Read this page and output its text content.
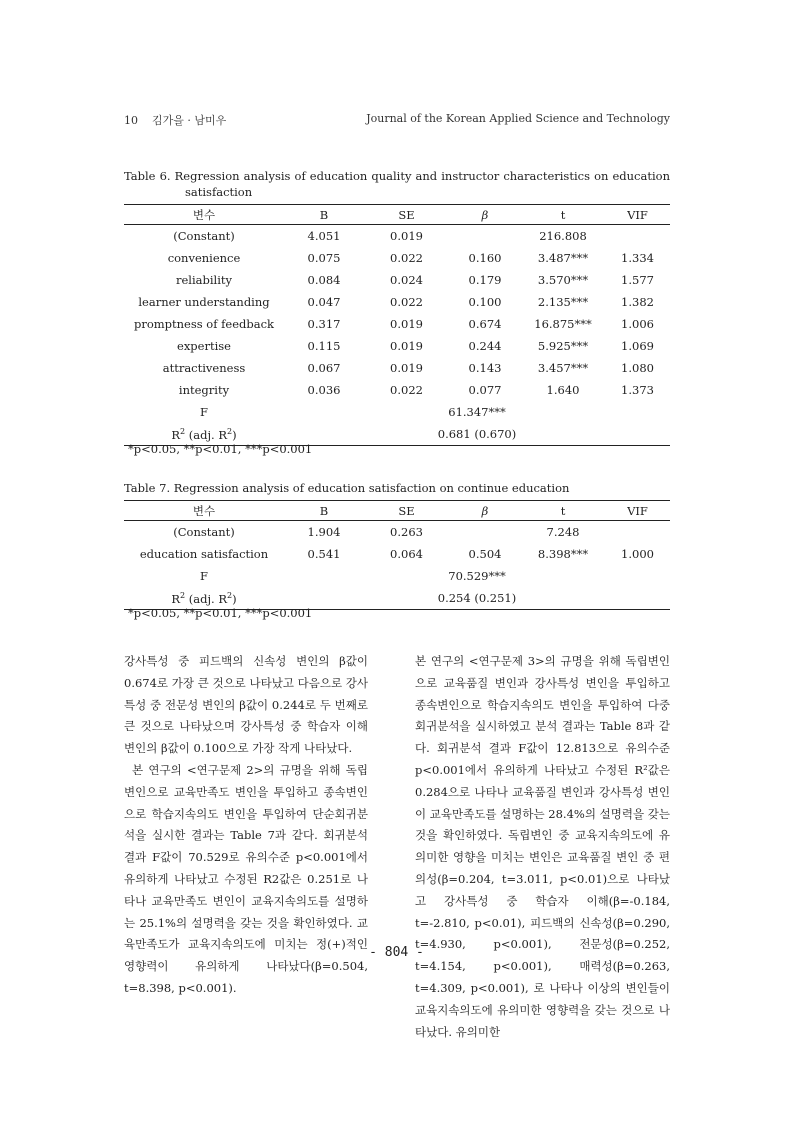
10 김가을 · 남미우	Journal of the Korean Applied Science and Technology
Table 6. Regression analysis of education quality and instructor characteristics on education
satisfaction
변수	B	SE	β	t	VIF
(Constant)	4.051	0.019		216.808	
convenience	0.075	0.022	0.160	3.487***	1.334
reliability	0.084	0.024	0.179	3.570***	1.577
learner understanding	0.047	0.022	0.100	2.135***	1.382
promptness of feedback	0.317	0.019	0.674	16.875***	1.006
expertise	0.115	0.019	0.244	5.925***	1.069
attractiveness	0.067	0.019	0.143	3.457***	1.080
integrity	0.036	0.022	0.077	1.640	1.373
F	61.347***				
$R^2$ (adj. $R^2$)	0.681 (0.670)				
*p<0.05, **p<0.01, ***p<0.001
Table 7. Regression analysis of education satisfaction on continue education
변수	B	SE	β	t	VIF
(Constant)	1.904	0.263		7.248	
education satisfaction	0.541	0.064	0.504	8.398***	1.000
F	70.529***				
$R^2$ (adj. $R^2$)	0.254 (0.251)				
*p<0.05, **p<0.01, ***p<0.001

강사특성 중 피드백의 신속성 변인의 β값이 0.674로 가장 큰 것으로 나타났고 다음으로 강사특성 중 전문성 변인의 β값이 0.244로 두 번째로 큰 것으로 나타났으며 강사특성 중 학습자 이해 변인의 β값이 0.100으로 가장 작게 나타났다.

본 연구의 <연구문제 2>의 규명을 위해 독립변인으로 교육만족도 변인을 투입하고 종속변인으로 학습지속의도 변인을 투입하여 단순회귀분석을 실시한 결과는 Table 7과 같다. 회귀분석 결과 F값이 70.529로 유의수준 p<0.001에서 유의하게 나타났고 수정된 R2값은 0.251로 나타나 교육만족도 변인이 교육지속의도를 설명하는 25.1%의 설명력을 갖는 것을 확인하였다. 교육만족도가 교육지속의도에 미치는 정(+)적인 영향력이 유의하게 나타났다(β=0.504, t=8.398, p<0.001).

본 연구의 <연구문제 3>의 규명을 위해 독립변인으로 교육품질 변인과 강사특성 변인을 투입하고 종속변인으로 학습지속의도 변인을 투입하여 다중회귀분석을 실시하였고 분석 결과는 Table 8과 같다. 회귀분석 결과 F값이 12.813으로 유의수준 p<0.001에서 유의하게 나타났고 수정된 R²값은 0.284으로 나타나 교육품질 변인과 강사특성 변인이 교육만족도를 설명하는 28.4%의 설명력을 갖는 것을 확인하였다. 독립변인 중 교육지속의도에 유의미한 영향을 미치는 변인은 교육품질 변인 중 편의성(β=0.204, t=3.011, p<0.01)으로 나타났고 강사특성 중 학습자 이해(β=-0.184, t=-2.810, p<0.01), 피드백의 신속성(β=0.290, t=4.930, p<0.001), 전문성(β=0.252, t=4.154, p<0.001), 매력성(β=0.263, t=4.309, p<0.001), 로 나타나 이상의 변인들이 교육지속의도에 유의미한 영향력을 갖는 것으로 나타났다. 유의미한

- 804 -
